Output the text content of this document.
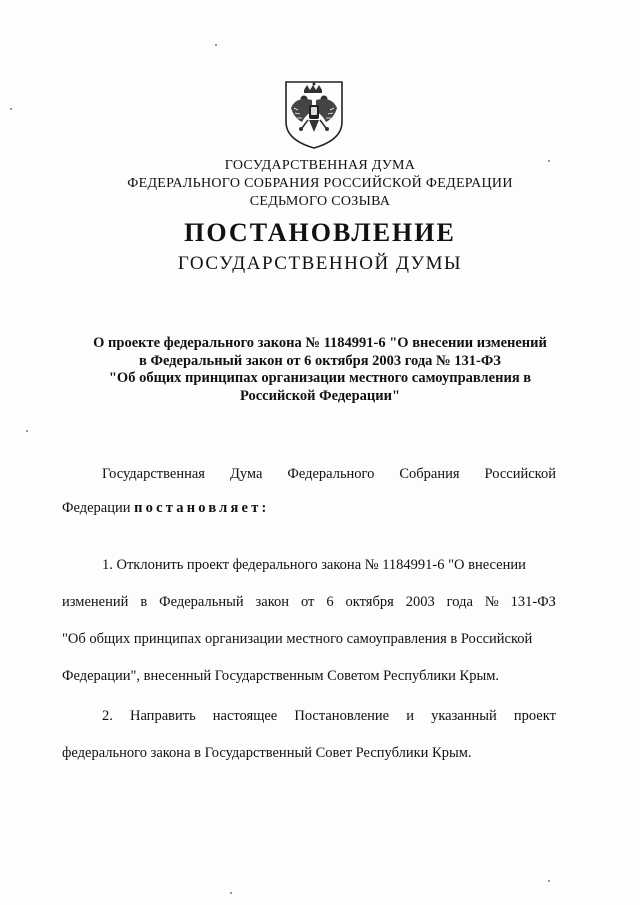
ГОСУДАРСТВЕННАЯ ДУМА
ФЕДЕРАЛЬНОГО СОБРАНИЯ РОССИЙСКОЙ ФЕДЕРАЦИИ
СЕДЬМОГО СОЗЫВА
ПОСТАНОВЛЕНИЕ
ГОСУДАРСТВЕННОЙ ДУМЫ
О проекте федерального закона № 1184991-6 "О внесении изменений
в Федеральный закон от 6 октября 2003 года № 131-ФЗ
"Об общих принципах организации местного самоуправления в
Российской Федерации"
Государственная Дума Федерального Собрания Российской
Федерации постановляет:
1. Отклонить проект федерального закона № 1184991-6 "О внесении
изменений в Федеральный закон от 6 октября 2003 года № 131-ФЗ
"Об общих принципах организации местного самоуправления в Российской
Федерации", внесенный Государственным Советом Республики Крым.
2. Направить настоящее Постановление и указанный проект
федерального закона в Государственный Совет Республики Крым.
